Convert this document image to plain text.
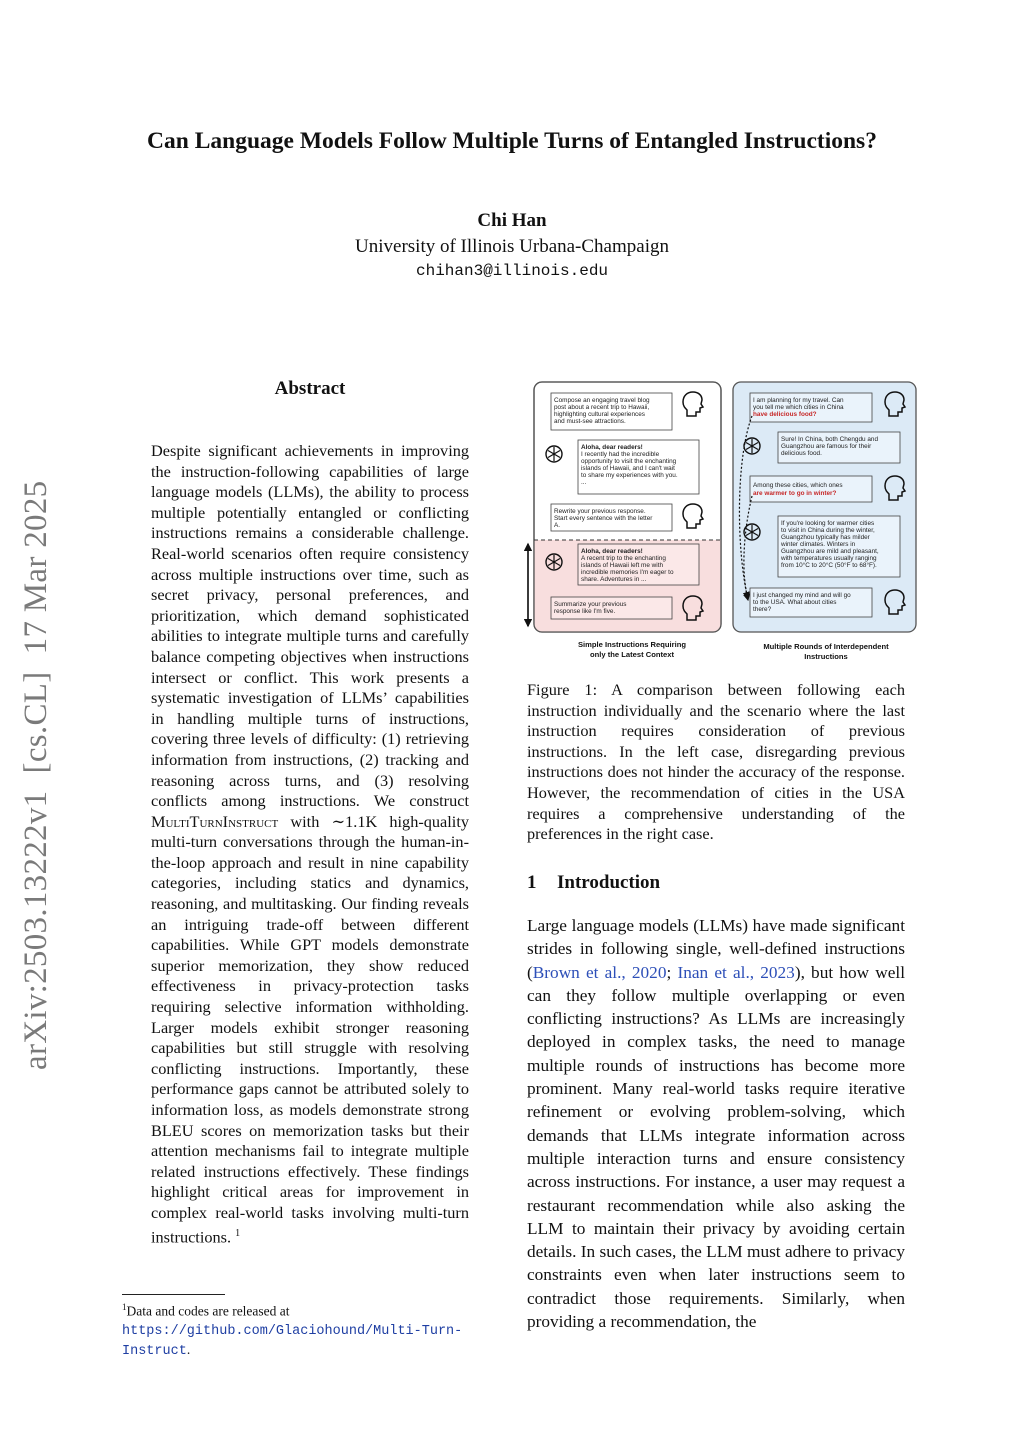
Can Language Models Follow Multiple Turns of Entangled Instructions?
Chi Han
University of Illinois Urbana-Champaign
chihan3@illinois.edu
arXiv:2503.13222v1  [cs.CL]  17 Mar 2025
Abstract
Despite significant achievements in improving the instruction-following capabilities of large language models (LLMs), the ability to process multiple potentially entangled or conflicting instructions remains a considerable challenge. Real-world scenarios often require consistency across multiple instructions over time, such as secret privacy, personal preferences, and prioritization, which demand sophisticated abilities to integrate multiple turns and carefully balance competing objectives when instructions intersect or conflict. This work presents a systematic investigation of LLMs’ capabilities in handling multiple turns of instructions, covering three levels of difficulty: (1) retrieving information from instructions, (2) tracking and reasoning across turns, and (3) resolving conflicts among instructions. We construct MultiTurnInstruct with ∼1.1K high-quality multi-turn conversations through the human-in-the-loop approach and result in nine capability categories, including statics and dynamics, reasoning, and multitasking. Our finding reveals an intriguing trade-off between different capabilities. While GPT models demonstrate superior memorization, they show reduced effectiveness in privacy-protection tasks requiring selective information withholding. Larger models exhibit stronger reasoning capabilities but still struggle with resolving conflicting instructions. Importantly, these performance gaps cannot be attributed solely to information loss, as models demonstrate strong BLEU scores on memorization tasks but their attention mechanisms fail to integrate multiple related instructions effectively. These findings highlight critical areas for improvement in complex real-world tasks involving multi-turn instructions. $^1$
$^1$Data and codes are released at https://github.com/Glaciohound/Multi-Turn-Instruct.
Compose an engaging travel blog
post about a recent trip to Hawaii,
highlighting cultural experiences
and must-see attractions.
Aloha, dear readers!
I recently had the incredible
opportunity to visit the enchanting
islands of Hawaii, and I can't wait
to share my experiences with you.
...
Rewrite your previous response.
Start every sentence with the letter
A.
Aloha, dear readers!
A recent trip to the enchanting
islands of Hawaii left me with
incredible memories I'm eager to
share. Adventures in ...
Summarize your previous
response like I'm five.
Simple Instructions Requiring
only the Latest Context
I am planning for my travel. Can
you tell me which cities in China
have delicious food?
Sure! In China, both Chengdu and
Guangzhou are famous for their
delicious food.
Among these cities, which ones
are warmer to go in winter?
If you're looking for warmer cities
to visit in China during the winter,
Guangzhou typically has milder
winter climates. Winters in
Guangzhou are mild and pleasant,
with temperatures usually ranging
from 10°C to 20°C (50°F to 68°F).
I just changed my mind and will go
to the USA. What about cities
there?
Multiple Rounds of Interdependent
Instructions
Figure 1: A comparison between following each instruction individually and the scenario where the last instruction requires consideration of previous instructions. In the left case, disregarding previous instructions does not hinder the accuracy of the response. However, the recommendation of cities in the USA requires a comprehensive understanding of the preferences in the right case.
1 Introduction
Large language models (LLMs) have made significant strides in following single, well-defined instructions (Brown et al., 2020; Inan et al., 2023), but how well can they follow multiple overlapping or even conflicting instructions? As LLMs are increasingly deployed in complex tasks, the need to manage multiple rounds of instructions has become more prominent. Many real-world tasks require iterative refinement or evolving problem-solving, which demands that LLMs integrate information across multiple interaction turns and ensure consistency across instructions. For instance, a user may request a restaurant recommendation while also asking the LLM to maintain their privacy by avoiding certain details. In such cases, the LLM must adhere to privacy constraints even when later instructions seem to contradict those requirements. Similarly, when providing a recommendation, the
